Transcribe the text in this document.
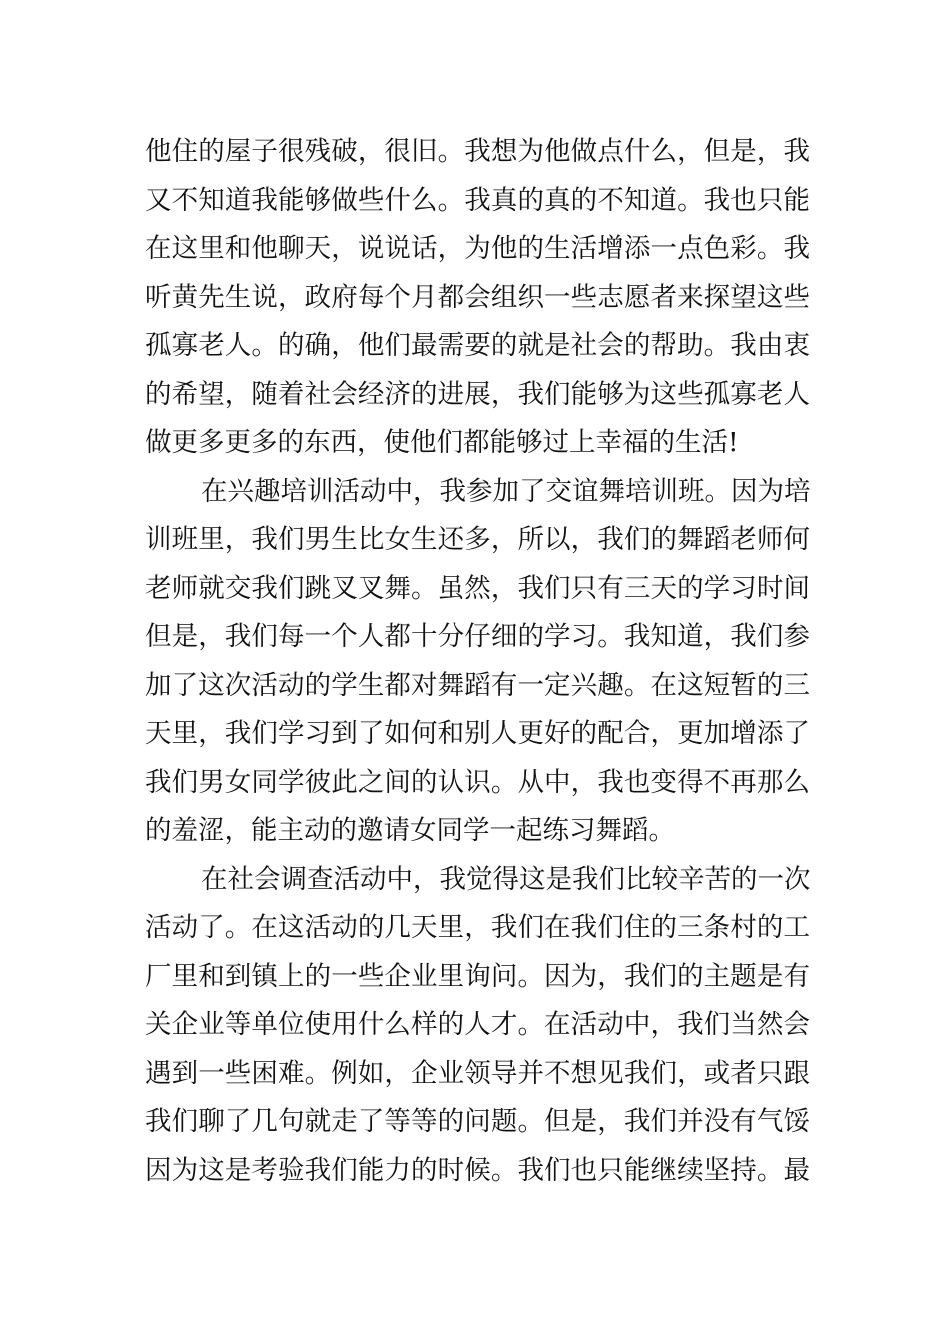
他住的屋子很残破，很旧。我想为他做点什么，但是，我
又不知道我能够做些什么。我真的真的不知道。我也只能
在这里和他聊天，说说话，为他的生活增添一点色彩。我
听黄先生说，政府每个月都会组织一些志愿者来探望这些
孤寡老人。的确，他们最需要的就是社会的帮助。我由衷
的希望，随着社会经济的进展，我们能够为这些孤寡老人
做更多更多的东西，使他们都能够过上幸福的生活!
在兴趣培训活动中，我参加了交谊舞培训班。因为培
训班里，我们男生比女生还多，所以，我们的舞蹈老师何
老师就交我们跳叉叉舞。虽然，我们只有三天的学习时间
但是，我们每一个人都十分仔细的学习。我知道，我们参
加了这次活动的学生都对舞蹈有一定兴趣。在这短暂的三
天里，我们学习到了如何和别人更好的配合，更加增添了
我们男女同学彼此之间的认识。从中，我也变得不再那么
的羞涩，能主动的邀请女同学一起练习舞蹈。
在社会调查活动中，我觉得这是我们比较辛苦的一次
活动了。在这活动的几天里，我们在我们住的三条村的工
厂里和到镇上的一些企业里询问。因为，我们的主题是有
关企业等单位使用什么样的人才。在活动中，我们当然会
遇到一些困难。例如，企业领导并不想见我们，或者只跟
我们聊了几句就走了等等的问题。但是，我们并没有气馁
因为这是考验我们能力的时候。我们也只能继续坚持。最
